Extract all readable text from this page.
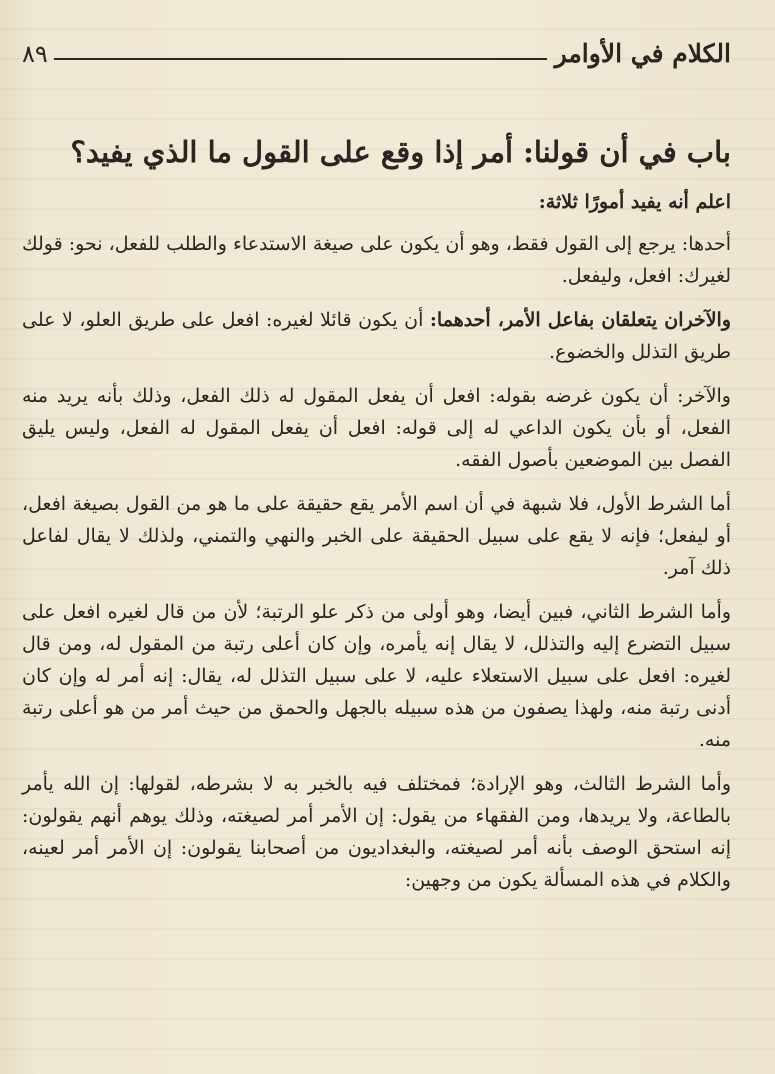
الكلام في الأوامر
٨٩
باب في أن قولنا: أمر إذا وقع على القول ما الذي يفيد؟

اعلم أنه يفيد أمورًا ثلاثة:

أحدها: يرجع إلى القول فقط، وهو أن يكون على صيغة الاستدعاء والطلب للفعل، نحو: قولك لغيرك: افعل، وليفعل.

والآخران يتعلقان بفاعل الأمر، أحدهما: أن يكون قائلا لغيره: افعل على طريق العلو، لا على طريق التذلل والخضوع.

والآخر: أن يكون غرضه بقوله: افعل أن يفعل المقول له ذلك الفعل، وذلك بأنه يريد منه الفعل، أو بأن يكون الداعي له إلى قوله: افعل أن يفعل المقول له الفعل، وليس يليق الفصل بين الموضعين بأصول الفقه.

أما الشرط الأول، فلا شبهة في أن اسم الأمر يقع حقيقة على ما هو من القول بصيغة افعل، أو ليفعل؛ فإنه لا يقع على سبيل الحقيقة على الخبر والنهي والتمني، ولذلك لا يقال لفاعل ذلك آمر.

وأما الشرط الثاني، فبين أيضا، وهو أولى من ذكر علو الرتبة؛ لأن من قال لغيره افعل على سبيل التضرع إليه والتذلل، لا يقال إنه يأمره، وإن كان أعلى رتبة من المقول له، ومن قال لغيره: افعل على سبيل الاستعلاء عليه، لا على سبيل التذلل له، يقال: إنه أمر له وإن كان أدنى رتبة منه، ولهذا يصفون من هذه سبيله بالجهل والحمق من حيث أمر من هو أعلى رتبة منه.

وأما الشرط الثالث، وهو الإرادة؛ فمختلف فيه بالخبر به لا بشرطه، لقولها: إن الله يأمر بالطاعة، ولا يريدها، ومن الفقهاء من يقول: إن الأمر أمر لصيغته، وذلك يوهم أنهم يقولون: إنه استحق الوصف بأنه أمر لصيغته، والبغداديون من أصحابنا يقولون: إن الأمر أمر لعينه، والكلام في هذه المسألة يكون من وجهين:
